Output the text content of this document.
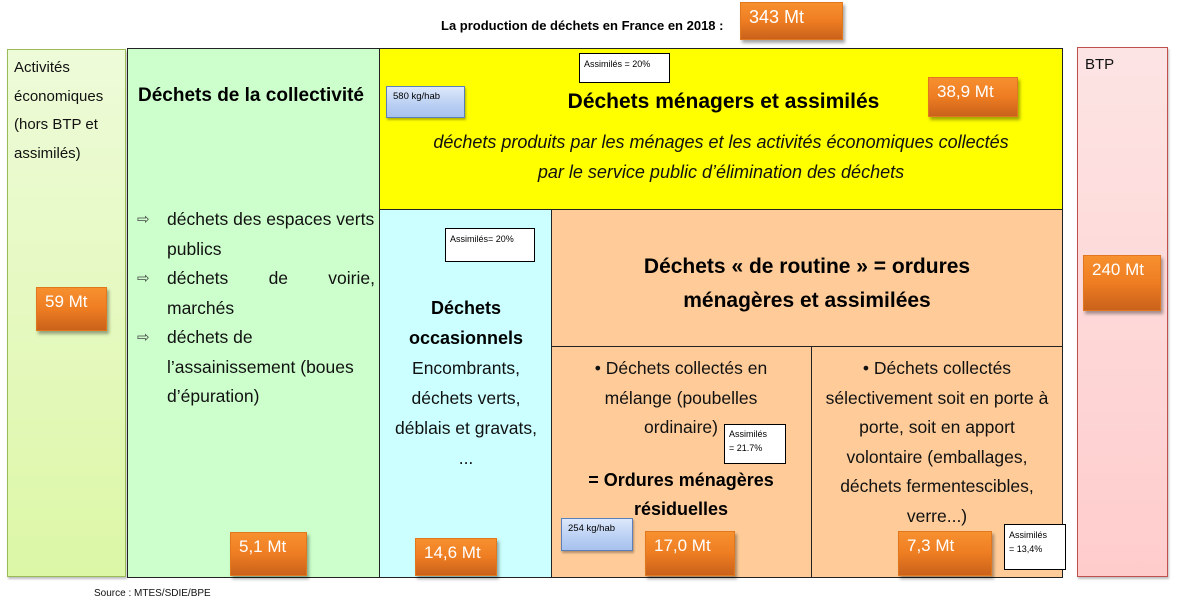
La production de déchets en France en 2018 :	343 Mt
Activités
économiques
(hors BTP et
assimilés)
59 Mt
Déchets de la collectivité
⇨ déchets des espaces verts publics
⇨ déchets de voirie, marchés
⇨ déchets de l’assainissement (boues d’épuration)
5,1 Mt
Assimilés = 20%
580 kg/hab	Déchets ménagers et assimilés
déchets produits par les ménages et les activités économiques collectés
par le service public d’élimination des déchets
38,9 Mt
Assimilés= 20%
Déchets
occasionnels
Encombrants,
déchets verts,
déblais et gravats,
...
14,6 Mt
Déchets « de routine » = ordures
ménagères et assimilées
• Déchets collectés en
mélange (poubelles
ordinaire)	Assimilés
= 21.7%
= Ordures ménagères
résiduelles
254 kg/hab
17,0 Mt
• Déchets collectés
sélectivement soit en porte à
porte, soit en apport
volontaire (emballages,
déchets fermentescibles,
verre...)
7,3 Mt
Assimilés
= 13,4%
BTP
240 Mt
Source : MTES/SDIE/BPE
